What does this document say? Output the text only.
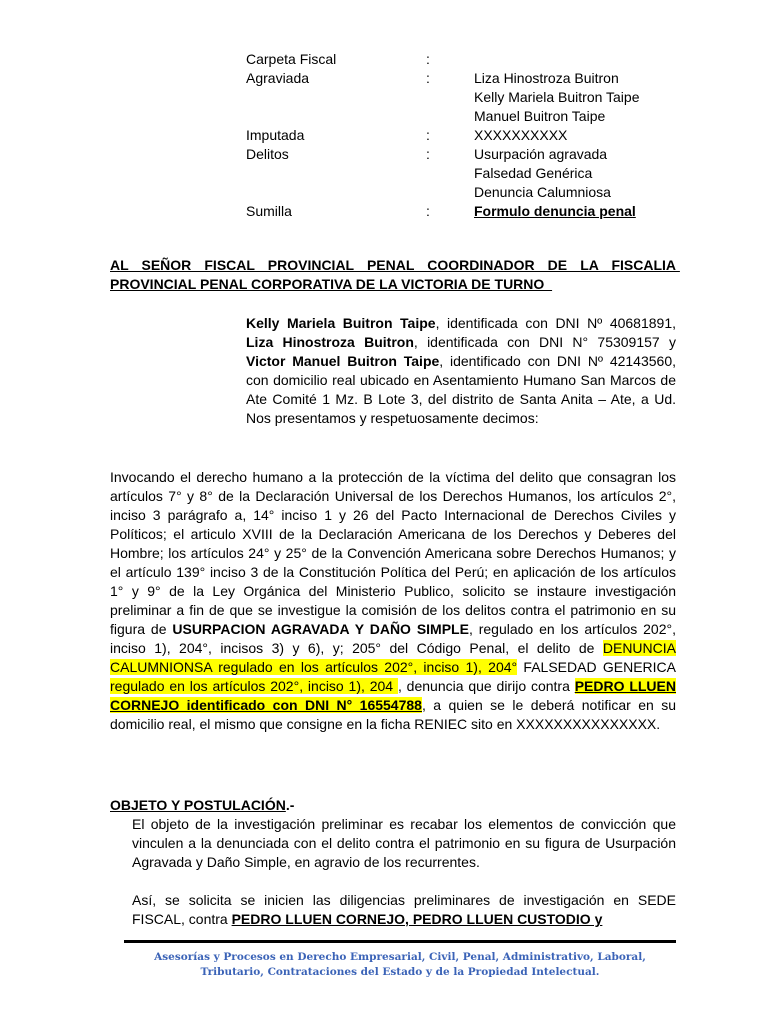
Carpeta Fiscal	:
Agraviada	:	Liza Hinostroza Buitron
Kelly Mariela Buitron Taipe
Manuel Buitron Taipe
Imputada	:	XXXXXXXXXX
Delitos	:	Usurpación agravada
Falsedad Genérica
Denuncia Calumniosa
Sumilla	:	Formulo denuncia penal
AL SEÑOR FISCAL PROVINCIAL PENAL COORDINADOR DE LA FISCALIA PROVINCIAL PENAL CORPORATIVA DE LA VICTORIA DE TURNO
Kelly Mariela Buitron Taipe, identificada con DNI Nº 40681891, Liza Hinostroza Buitron, identificada con DNI N° 75309157 y Victor Manuel Buitron Taipe, identificado con DNI Nº 42143560, con domicilio real ubicado en Asentamiento Humano San Marcos de Ate Comité 1 Mz. B Lote 3, del distrito de Santa Anita – Ate, a Ud. Nos presentamos y respetuosamente decimos:
Invocando el derecho humano a la protección de la víctima del delito que consagran los artículos 7° y 8° de la Declaración Universal de los Derechos Humanos, los artículos 2°, inciso 3 parágrafo a, 14° inciso 1 y 26 del Pacto Internacional de Derechos Civiles y Políticos; el articulo XVIII de la Declaración Americana de los Derechos y Deberes del Hombre; los artículos 24° y 25° de la Convención Americana sobre Derechos Humanos; y el artículo 139° inciso 3 de la Constitución Política del Perú; en aplicación de los artículos 1° y 9° de la Ley Orgánica del Ministerio Publico, solicito se instaure investigación preliminar a fin de que se investigue la comisión de los delitos contra el patrimonio en su figura de USURPACION AGRAVADA Y DAÑO SIMPLE, regulado en los artículos 202°, inciso 1), 204°, incisos 3) y 6), y; 205° del Código Penal, el delito de DENUNCIA CALUMNIONSA regulado en los artículos 202°, inciso 1), 204° FALSEDAD GENERICA regulado en los artículos 202°, inciso 1), 204 , denuncia que dirijo contra PEDRO LLUEN CORNEJO identificado con DNI N° 16554788, a quien se le deberá notificar en su domicilio real, el mismo que consigne en la ficha RENIEC sito en XXXXXXXXXXXXXXX.
OBJETO Y POSTULACIÓN.-
El objeto de la investigación preliminar es recabar los elementos de convicción que vinculen a la denunciada con el delito contra el patrimonio en su figura de Usurpación Agravada y Daño Simple, en agravio de los recurrentes.
Así, se solicita se inicien las diligencias preliminares de investigación en SEDE FISCAL, contra PEDRO LLUEN CORNEJO, PEDRO LLUEN CUSTODIO y
Asesorías y Procesos en Derecho Empresarial, Civil, Penal, Administrativo, Laboral,
Tributario, Contrataciones del Estado y de la Propiedad Intelectual.
